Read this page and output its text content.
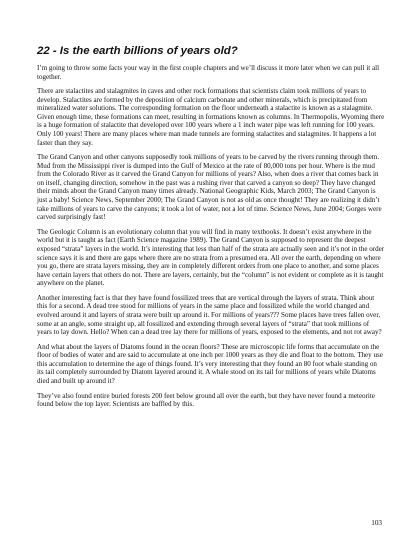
22 - Is the earth billions of years old?

I’m going to throw some facts your way in the first couple chapters and we’ll discuss it more later when we can pull it all together.

There are stalactites and stalagmites in caves and other rock formations that scientists claim took millions of years to develop. Stalactites are formed by the deposition of calcium carbonate and other minerals, which is precipitated from mineralized water solutions. The corresponding formation on the floor underneath a stalactite is known as a stalagmite. Given enough time, these formations can meet, resulting in formations known as columns. In Thermopolis, Wyoming there is a huge formation of stalactite that developed over 100 years where a 1 inch water pipe was left running for 100 years. Only 100 years! There are many places where man made tunnels are forming stalactites and stalagmites. It happens a lot faster than they say.

The Grand Canyon and other canyons supposedly took millions of years to be carved by the rivers running through them. Mud from the Mississippi river is dumped into the Gulf of Mexico at the rate of 80,000 tons per hour. Where is the mud from the Colorado River as it carved the Grand Canyon for millions of years? Also, when does a river that comes back in on itself, changing direction, somehow in the past was a rushing river that carved a canyon so deep? They have changed their minds about the Grand Canyon many times already. National Geographic Kids, March 2003; The Grand Canyon is just a baby! Science News, September 2000; The Grand Canyon is not as old as once thought! They are realizing it didn’t take millions of years to carve the canyons; it took a lot of water, not a lot of time. Science News, June 2004; Gorges were carved surprisingly fast!

The Geologic Column is an evolutionary column that you will find in many textbooks. It doesn’t exist anywhere in the world but it is taught as fact (Earth Science magazine 1989). The Grand Canyon is supposed to represent the deepest exposed “strata” layers in the world. It’s interesting that less than half of the strata are actually seen and it’s not in the order science says it is and there are gaps where there are no strata from a presumed era. All over the earth, depending on where you go, there are strata layers missing, they are in completely different orders from one place to another, and some places have certain layers that others do not. There are layers, certainly, but the “column” is not evident or complete as it is taught anywhere on the planet.

Another interesting fact is that they have found fossilized trees that are vertical through the layers of strata. Think about this for a second. A dead tree stood for millions of years in the same place and fossilized while the world changed and evolved around it and layers of strata were built up around it. For millions of years??? Some places have trees fallen over, some at an angle, some straight up, all fossilized and extending through several layers of “strata” that took millions of years to lay down. Hello? When can a dead tree lay there for millions of years, exposed to the elements, and not rot away?

And what about the layers of Diatoms found in the ocean floors? These are microscopic life forms that accumulate on the floor of bodies of water and are said to accumulate at one inch per 1000 years as they die and float to the bottom. They use this accumulation to determine the age of things found. It’s very interesting that they found an 80 foot whale standing on its tail completely surrounded by Diatom layered around it. A whale stood on its tail for millions of years while Diatoms died and built up around it?

They’ve also found entire buried forests 200 feet below ground all over the earth, but they have never found a meteorite found below the top layer. Scientists are baffled by this.

103
